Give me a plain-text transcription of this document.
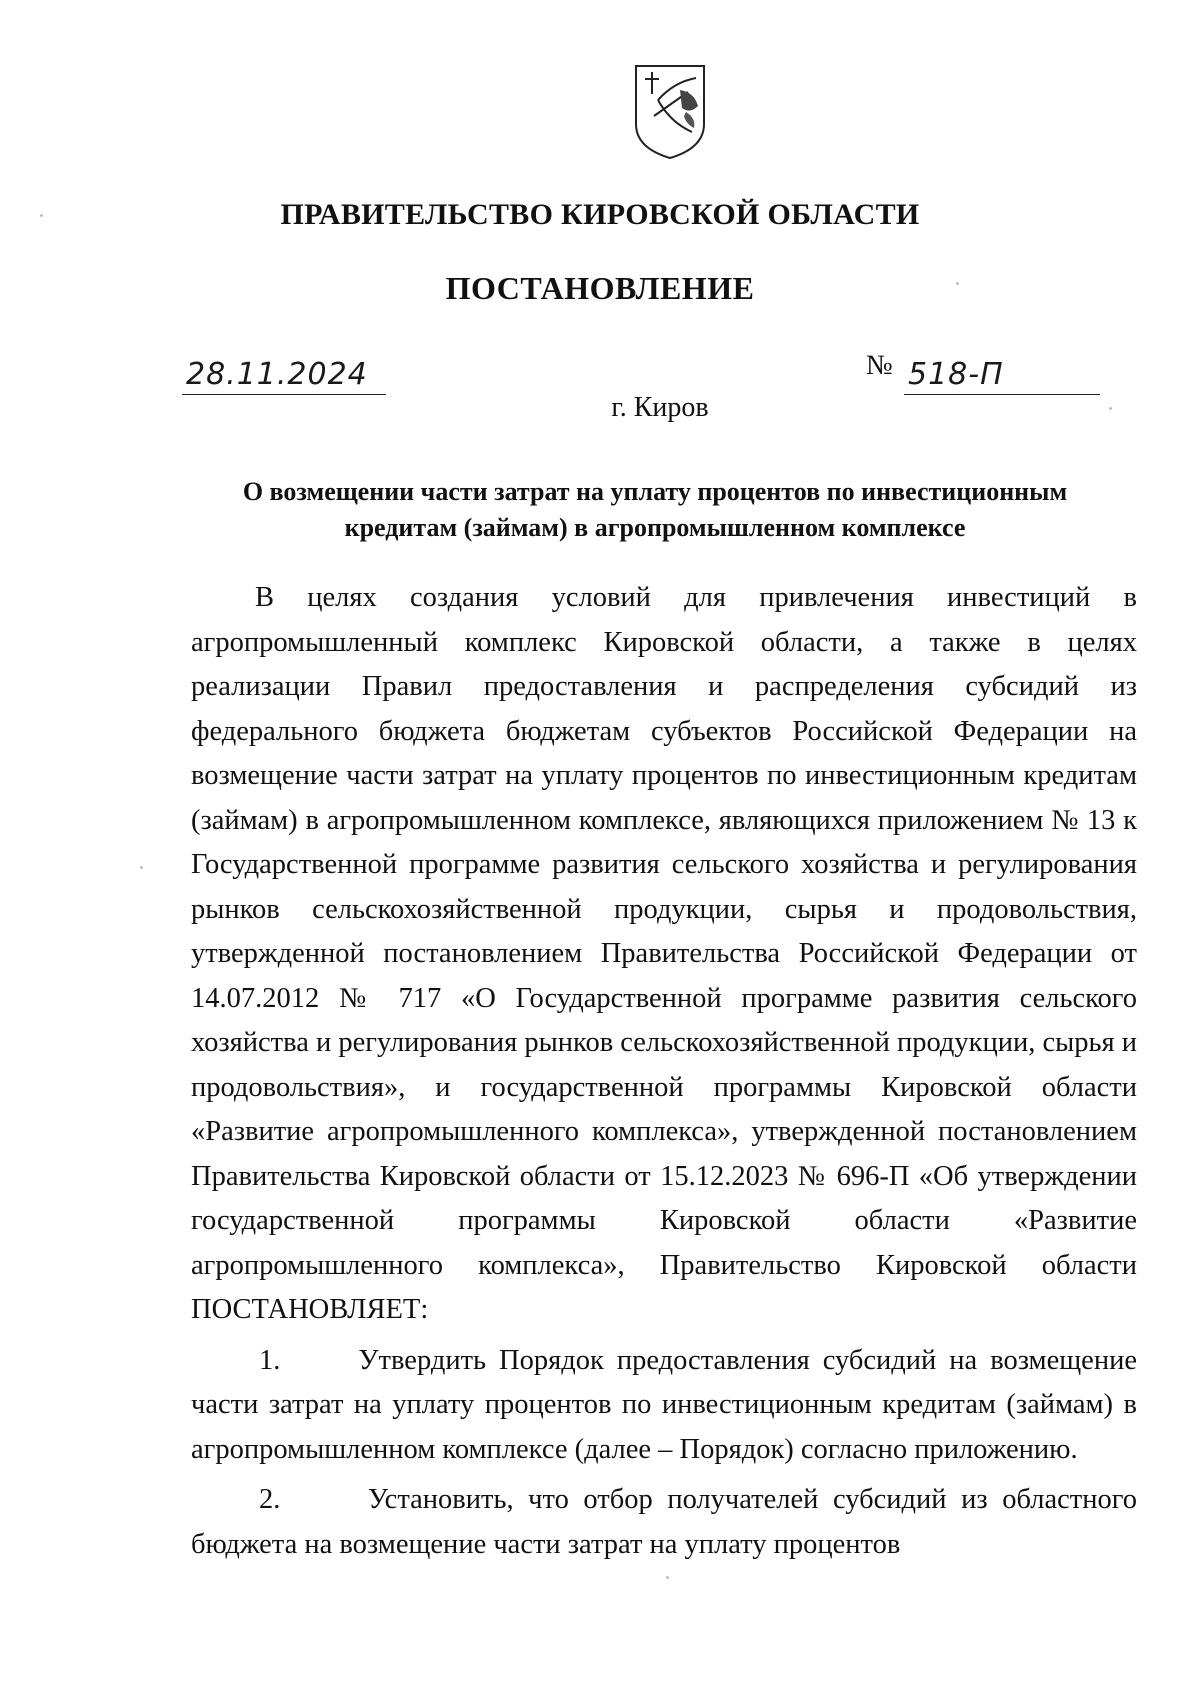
ПРАВИТЕЛЬСТВО КИРОВСКОЙ ОБЛАСТИ
ПОСТАНОВЛЕНИЕ
28.11.2024	№ 518-П
г. Киров
О возмещении части затрат на уплату процентов по инвестиционным
кредитам (займам) в агропромышленном комплексе

В целях создания условий для привлечения инвестиций в агропромышленный комплекс Кировской области, а также в целях реализации Правил предоставления и распределения субсидий из федерального бюджета бюджетам субъектов Российской Федерации на возмещение части затрат на уплату процентов по инвестиционным кредитам (займам) в агропромышленном комплексе, являющихся приложением № 13 к Государственной программе развития сельского хозяйства и регулирования рынков сельскохозяйственной продукции, сырья и продовольствия, утвержденной постановлением Правительства Российской Федерации от 14.07.2012 № 717 «О Государственной программе развития сельского хозяйства и регулирования рынков сельскохозяйственной продукции, сырья и продовольствия», и государственной программы Кировской области «Развитие агропромышленного комплекса», утвержденной постановлением Правительства Кировской области от 15.12.2023 № 696-П «Об утверждении государственной программы Кировской области «Развитие агропромышленного комплекса», Правительство Кировской области ПОСТАНОВЛЯЕТ:

1.      Утвердить Порядок предоставления субсидий на возмещение части затрат на уплату процентов по инвестиционным кредитам (займам) в агропромышленном комплексе (далее – Порядок) согласно приложению.

2.      Установить, что отбор получателей субсидий из областного бюджета на возмещение части затрат на уплату процентов
